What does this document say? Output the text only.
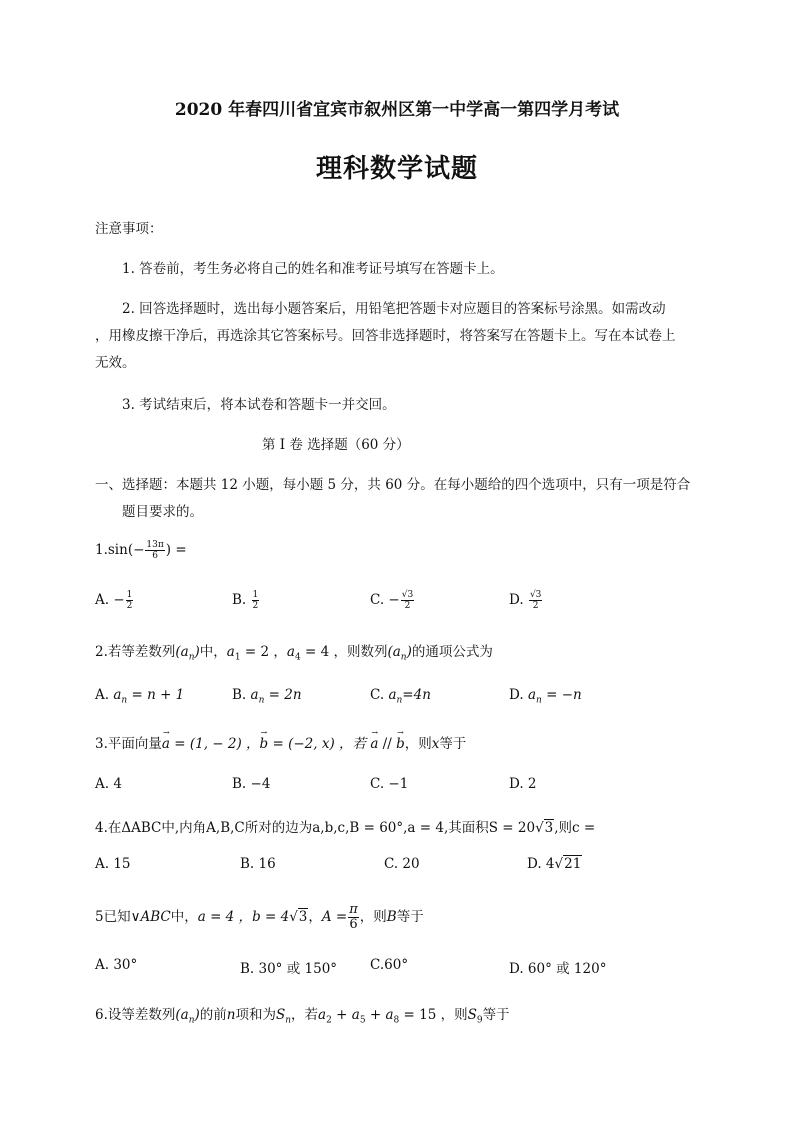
2020 年春四川省宜宾市叙州区第一中学高一第四学月考试
理科数学试题
注意事项：
1. 答卷前，考生务必将自己的姓名和准考证号填写在答题卡上。
2. 回答选择题时，选出每小题答案后，用铅笔把答题卡对应题目的答案标号涂黑。如需改动
，用橡皮擦干净后，再选涂其它答案标号。回答非选择题时，将答案写在答题卡上。写在本试卷上
无效。
3. 考试结束后，将本试卷和答题卡一并交回。
第 I 卷 选择题（60 分）
一、选择题：本题共 12 小题，每小题 5 分，共 60 分。在每小题给的四个选项中，只有一项是符合
题目要求的。
$1.\sin(- \frac{13\pi}{6}$ ) =
A. − $\frac{1}{2}$	B. $\frac{1}{2}$	C. − $\frac{√3}{2}$	D. $\frac{√3}{2}$
2.若等差数列$(a_n)$中，$a_1 = 2$ ，$a_4 = 4$ ，则数列$(a_n)$的通项公式为
A. $a_n = n + 1$	B. $a_n = 2n$	C. $a_n=4n$	D. $a_n = -n$
3.平面向量
→
a = (1, − 2) ，
→
b = (−2, x) ，若
→
a //
→
b，则x等于
A. 4	B. −4	C. −1	D. 2
4.在ΔABC中,内角A,B,C所对的边为a,b,c,B = 60°,a = 4,其面积S = 20√3,则c =
A. 15	B. 16	C. 20	D. 4√21
5已知∨ABC中，a = 4 ，b = 4√3，$A = \frac{\pi}{6}$ ，则B等于
A. 30°	B. 30° 或 150° C.60°	D. 60° 或 120°
6.设等差数列$(a_n)$的前n项和为$S_n$，若$a_2 + a_5 + a_8 = 15$ ，则$S_9$等于
